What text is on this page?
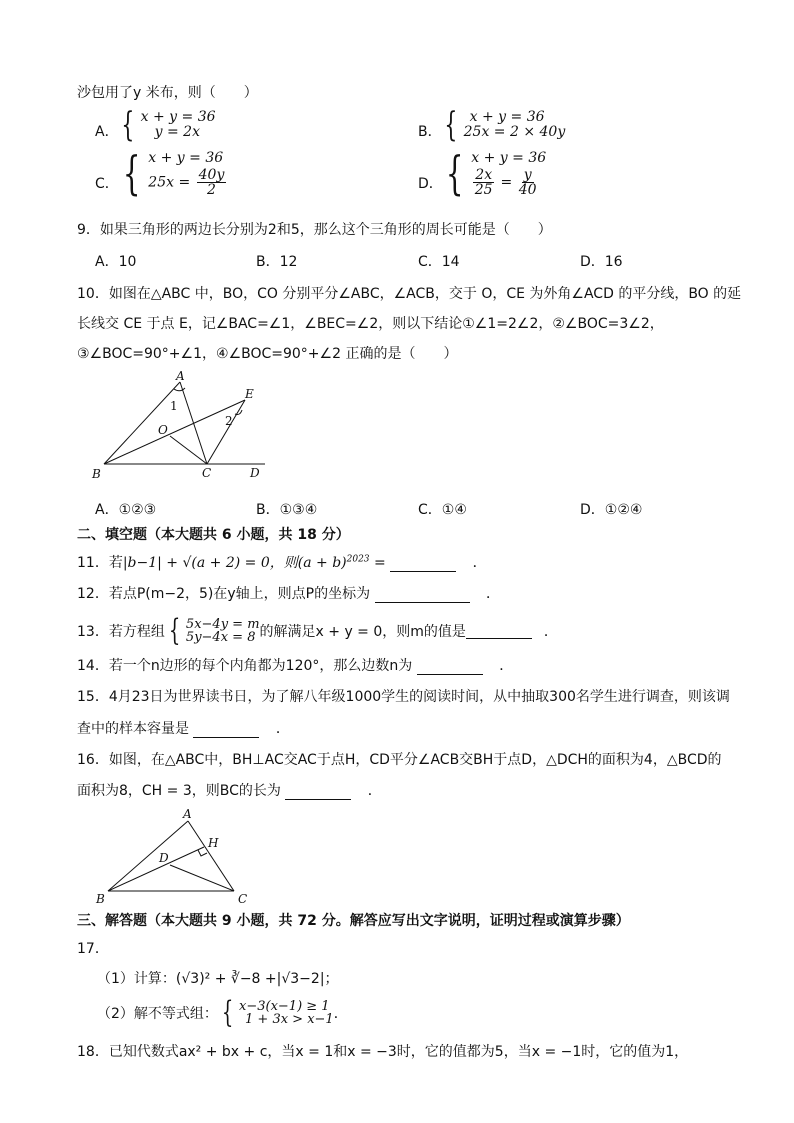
沙包用了y 米布，则（　　）
A． { x + y = 36
y = 2x	B． { x + y = 36
25x = 2 × 40y
C． { x + y = 36
$25x = \frac{40y}{2}$	D． { x + y = 36
$\frac{2x}{25} = \frac{y}{40}$
9．如果三角形的两边长分别为2和5，那么这个三角形的周长可能是（　　）
A．10	B．12	C．14	D．16
10．如图在△ABC 中，BO，CO 分别平分∠ABC，∠ACB，交于 O，CE 为外角∠ACD 的平分线，BO 的延
长线交 CE 于点 E，记∠BAC=∠1，∠BEC=∠2，则以下结论①∠1=2∠2，②∠BOC=3∠2，
③∠BOC=90°+∠1，④∠BOC=90°+∠2 正确的是（　　）
A
B	C	D
E
O
1
2
A．①②③	B．①③④	C．①④	D．①②④
二、填空题（本大题共 6 小题，共 18 分）
11．若|b−1| + √(a + 2) = 0，则$(a + b)^{2023}$ =	．
12．若点P(m−2，5)在y轴上，则点P的坐标为	．
13．若方程组 { 5x−4y = m
5y−4x = 8 的解满足x + y = 0，则m的值是	．
14．若一个n边形的每个内角都为120°，那么边数n为	．
15．4月23日为世界读书日，为了解八年级1000学生的阅读时间，从中抽取300名学生进行调查，则该调
查中的样本容量是	．
16．如图，在△ABC中，BH⊥AC交AC于点H，CD平分∠ACB交BH于点D，△DCH的面积为4，△BCD的
面积为8，CH = 3，则BC的长为	．
A
B	C
D
H
三、解答题（本大题共 9 小题，共 72 分。解答应写出文字说明，证明过程或演算步骤）
17．
（1）计算：(√3)² + ∛−8 +|√3−2|；
（2）解不等式组： { x−3(x−1) ≥ 1
1 + 3x > x−1 ．
18．已知代数式ax² + bx + c，当x = 1和x = −3时，它的值都为5，当x = −1时，它的值为1，
